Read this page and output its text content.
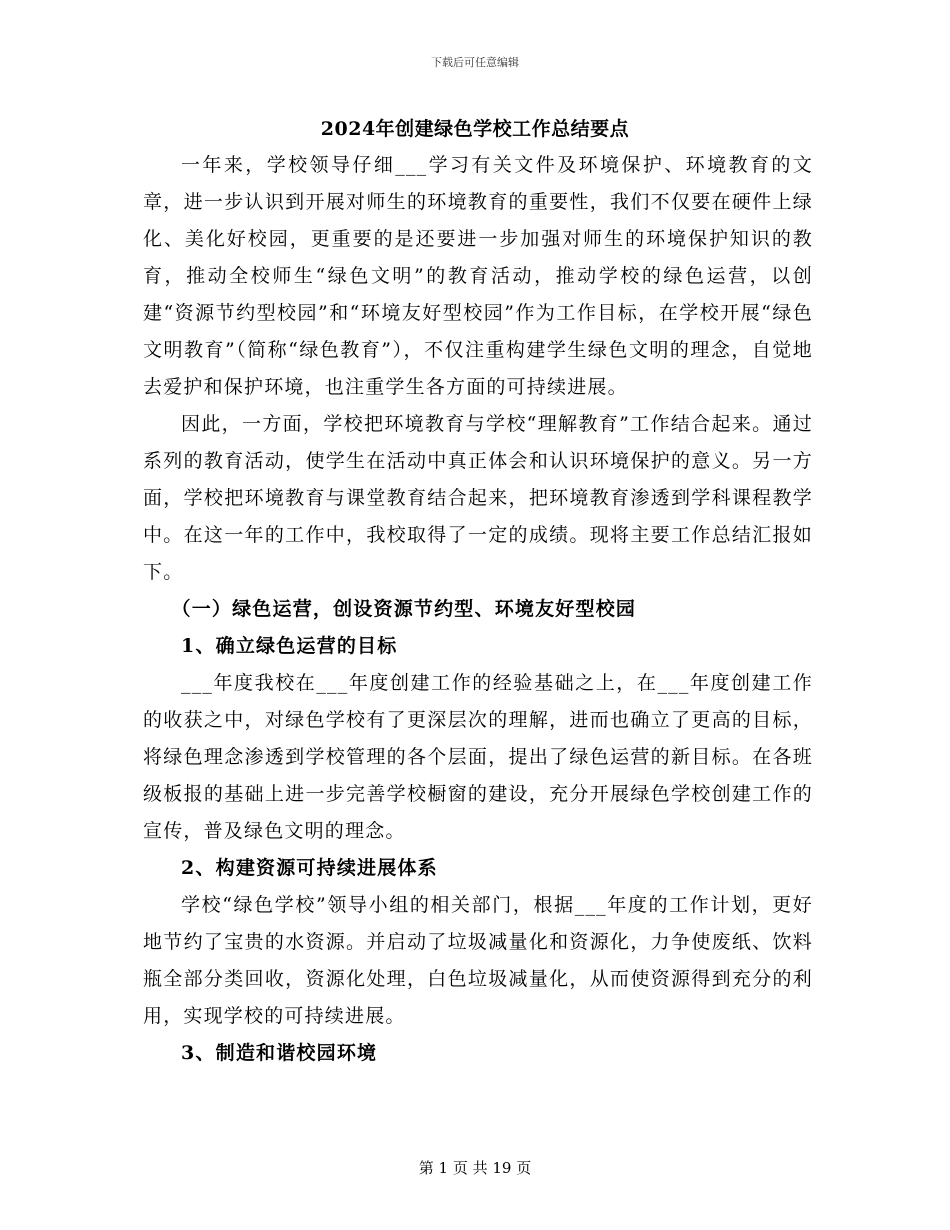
下载后可任意编辑
2024年创建绿色学校工作总结要点

一年来，学校领导仔细___学习有关文件及环境保护、环境教育的文章，进一步认识到开展对师生的环境教育的重要性，我们不仅要在硬件上绿化、美化好校园，更重要的是还要进一步加强对师生的环境保护知识的教育，推动全校师生“绿色文明”的教育活动，推动学校的绿色运营，以创建“资源节约型校园”和“环境友好型校园”作为工作目标，在学校开展“绿色文明教育”（简称“绿色教育”），不仅注重构建学生绿色文明的理念，自觉地去爱护和保护环境，也注重学生各方面的可持续进展。

因此，一方面，学校把环境教育与学校“理解教育”工作结合起来。通过系列的教育活动，使学生在活动中真正体会和认识环境保护的意义。另一方面，学校把环境教育与课堂教育结合起来，把环境教育渗透到学科课程教学中。在这一年的工作中，我校取得了一定的成绩。现将主要工作总结汇报如下。

（一）绿色运营，创设资源节约型、环境友好型校园

1、确立绿色运营的目标

___年度我校在___年度创建工作的经验基础之上，在___年度创建工作的收获之中，对绿色学校有了更深层次的理解，进而也确立了更高的目标，将绿色理念渗透到学校管理的各个层面，提出了绿色运营的新目标。在各班级板报的基础上进一步完善学校橱窗的建设，充分开展绿色学校创建工作的宣传，普及绿色文明的理念。

2、构建资源可持续进展体系

学校“绿色学校”领导小组的相关部门，根据___年度的工作计划，更好地节约了宝贵的水资源。并启动了垃圾减量化和资源化，力争使废纸、饮料瓶全部分类回收，资源化处理，白色垃圾减量化，从而使资源得到充分的利用，实现学校的可持续进展。

3、制造和谐校园环境

第 1 页 共 19 页
